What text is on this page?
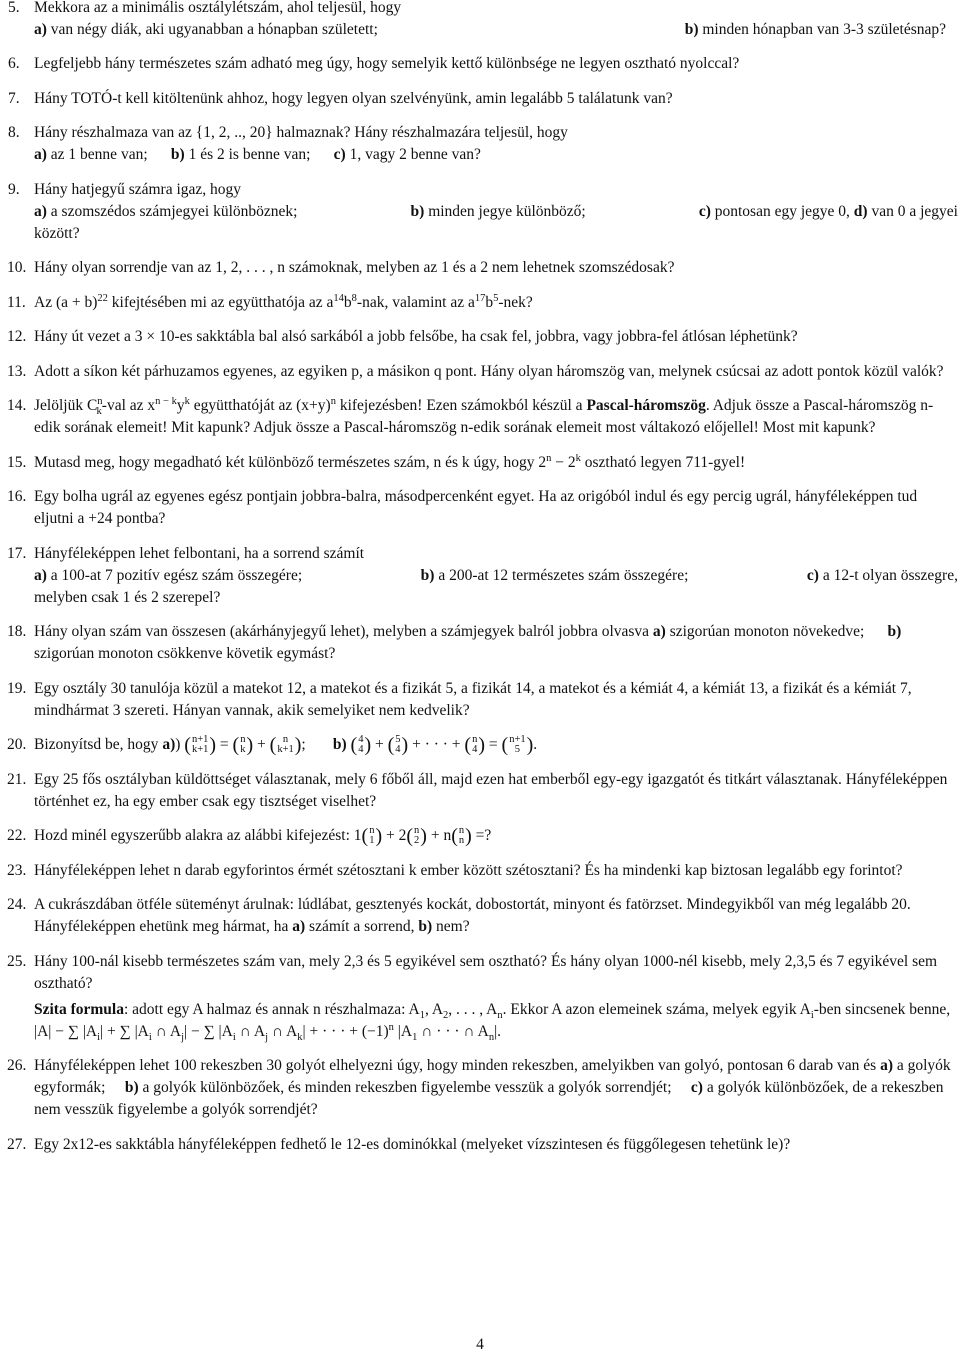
5. Mekkora az a minimális osztálylétszám, ahol teljesül, hogy

a) van négy diák, aki ugyanabban a hónapban született;	b) minden hónapban van 3-3 születésnap?
6. Legfeljebb hány természetes szám adható meg úgy, hogy semelyik kettő különbsége ne legyen osztható nyolccal?

7. Hány TOTÓ-t kell kitöltenünk ahhoz, hogy legyen olyan szelvényünk, amin legalább 5 találatunk van?

8. Hány részhalmaza van az {1, 2, .., 20} halmaznak? Hány részhalmazára teljesül, hogy

a) az 1 benne van; b) 1 és 2 is benne van; c) 1, vagy 2 benne van?

9. Hány hatjegyű számra igaz, hogy

a) a szomszédos számjegyei különböznek;	b) minden jegye különböző;	c) pontosan egy jegye 0, d) van 0 a jegyei

között?

10. Hány olyan sorrendje van az 1, 2, . . . , n számoknak, melyben az 1 és a 2 nem lehetnek szomszédosak?

11. Az $(a + b)^{22}$ kifejtésében mi az együtthatója az $a^{14}b^8$-nak, valamint az $a^{17}b^5$-nek?

12. Hány út vezet a 3 × 10-es sakktábla bal alsó sarkából a jobb felsőbe, ha csak fel, jobbra, vagy jobbra-fel átlósan léphetünk?

13. Adott a síkon két párhuzamos egyenes, az egyiken p, a másikon q pont. Hány olyan háromszög van, melynek csúcsai az adott pontok közül valók?

14. Jelöljük $C^n_k$-val az $x^{n - k}y^k$ együtthatóját az $(x+y)^n$ kifejezésben! Ezen számokból készül a Pascal-háromszög. Adjuk össze a Pascal-háromszög n-edik sorának elemeit! Mit kapunk? Adjuk össze a Pascal-háromszög n-edik sorának elemeit most váltakozó előjellel! Most mit kapunk?

15. Mutasd meg, hogy megadható két különböző természetes szám, n és k úgy, hogy $2^n - 2^k$ osztható legyen 711-gyel!

16. Egy bolha ugrál az egyenes egész pontjain jobbra-balra, másodpercenként egyet. Ha az origóból indul és egy percig ugrál, hányféleképpen tud eljutni a +24 pontba?

17. Hányféleképpen lehet felbontani, ha a sorrend számít

a) a 100-at 7 pozitív egész szám összegére;	b) a 200-at 12 természetes szám összegére;	c) a 12-t olyan összegre,

melyben csak 1 és 2 szerepel?

18. Hány olyan szám van összesen (akárhányjegyű lehet), melyben a számjegyek balról jobbra olvasva a) szigorúan monoton növekedve; b) szigorúan monoton csökkenve követik egymást?

19. Egy osztály 30 tanulója közül a matekot 12, a matekot és a fizikát 5, a fizikát 14, a matekot és a kémiát 4, a kémiát 13, a fizikát és a kémiát 7, mindhármat 3 szereti. Hányan vannak, akik semelyiket nem kedvelik?

20. Bizonyítsd be, hogy a)) ( n+1
k+1 ) = ( n
k ) + ( n
k+1 ) ;       b) ( 4
4 ) + ( 5
4 ) + · · · + ( n
4 ) = ( n+1
5 ) .

21. Egy 25 fős osztályban küldöttséget választanak, mely 6 főből áll, majd ezen hat emberből egy-egy igazgatót és titkárt választanak. Hányféleképpen történhet ez, ha egy ember csak egy tisztséget viselhet?

22. Hozd minél egyszerűbb alakra az alábbi kifejezést: 1 ( n
1 ) + 2 ( n
2 ) + n ( n
n ) =?

23. Hányféleképpen lehet n darab egyforintos érmét szétosztani k ember között szétosztani? És ha mindenki kap biztosan legalább egy forintot?

24. A cukrászdában ötféle süteményt árulnak: lúdlábat, gesztenyés kockát, dobostortát, minyont és fatörzset. Mindegyikből van még legalább 20. Hányféleképpen ehetünk meg hármat, ha a) számít a sorrend, b) nem?

25. Hány 100-nál kisebb természetes szám van, mely 2,3 és 5 egyikével sem osztható? És hány olyan 1000-nél kisebb, mely 2,3,5 és 7 egyikével sem osztható?

Szita formula: adott egy A halmaz és annak n részhalmaza: $A_1$, $A_2$, . . . , $A_n$. Ekkor A azon elemeinek száma, melyek egyik $A_i$-ben sincsenek benne, |A| − ∑ $|A_i|$ + ∑ $|A_i$ ∩ $A_j|$ − ∑ $|A_i$ ∩ $A_j$ ∩ $A_k|$ + · · · + $(-1)^n$ $|A_1$ ∩ · · · ∩ $A_n|$.

26. Hányféleképpen lehet 100 rekeszben 30 golyót elhelyezni úgy, hogy minden rekeszben, amelyikben van golyó, pontosan 6 darab van és a) a golyók egyformák; b) a golyók különbözőek, és minden rekeszben figyelembe vesszük a golyók sorrendjét; c) a golyók különbözőek, de a rekeszben nem vesszük figyelembe a golyók sorrendjét?

27. Egy 2x12-es sakktábla hányféleképpen fedhető le 12-es dominókkal (melyeket vízszintesen és függőlegesen tehetünk le)?

4
